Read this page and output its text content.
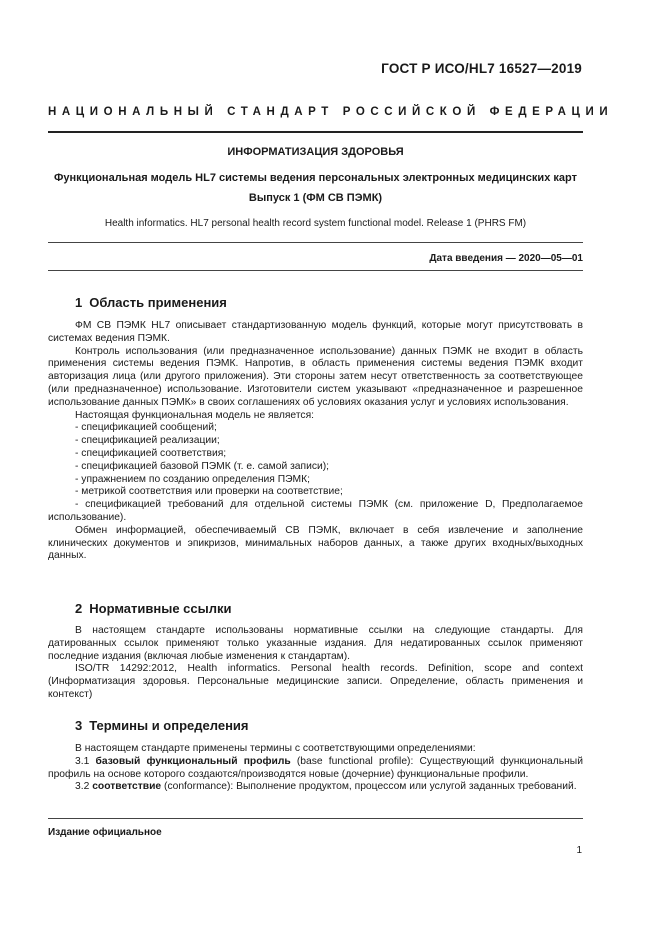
ГОСТ Р ИСО/HL7 16527—2019
НАЦИОНАЛЬНЫЙ СТАНДАРТ РОССИЙСКОЙ ФЕДЕРАЦИИ
ИНФОРМАТИЗАЦИЯ ЗДОРОВЬЯ
Функциональная модель HL7 системы ведения персональных электронных медицинских карт
Выпуск 1 (ФМ СВ ПЭМК)
Health informatics. HL7 personal health record system functional model. Release 1 (PHRS FM)
Дата введения — 2020—05—01
1 Область применения

ФМ СВ ПЭМК HL7 описывает стандартизованную модель функций, которые могут присутствовать в системах ведения ПЭМК.

Контроль использования (или предназначенное использование) данных ПЭМК не входит в область применения системы ведения ПЭМК. Напротив, в область применения системы ведения ПЭМК входит авторизация лица (или другого приложения). Эти стороны затем несут ответственность за соответствующее (или предназначенное) использование. Изготовители систем указывают «предназначенное и разрешенное использование данных ПЭМК» в своих соглашениях об условиях оказания услуг и условиях использования.

Настоящая функциональная модель не является:

- спецификацией сообщений;
- спецификацией реализации;
- спецификацией соответствия;
- спецификацией базовой ПЭМК (т. е. самой записи);
- упражнением по созданию определения ПЭМК;
- метрикой соответствия или проверки на соответствие;

- спецификацией требований для отдельной системы ПЭМК (см. приложение D, Предполагаемое использование).

Обмен информацией, обеспечиваемый СВ ПЭМК, включает в себя извлечение и заполнение клинических документов и эпикризов, минимальных наборов данных, а также других входных/выходных данных.

2 Нормативные ссылки

В настоящем стандарте использованы нормативные ссылки на следующие стандарты. Для датированных ссылок применяют только указанные издания. Для недатированных ссылок применяют последние издания (включая любые изменения к стандартам).

ISO/TR 14292:2012, Health informatics. Personal health records. Definition, scope and context (Информатизация здоровья. Персональные медицинские записи. Определение, область применения и контекст)

3 Термины и определения

В настоящем стандарте применены термины с соответствующими определениями:

3.1 базовый функциональный профиль (base functional profile): Существующий функциональный профиль на основе которого создаются/производятся новые (дочерние) функциональные профили.

3.2 соответствие (conformance): Выполнение продуктом, процессом или услугой заданных требований.

Издание официальное
1
